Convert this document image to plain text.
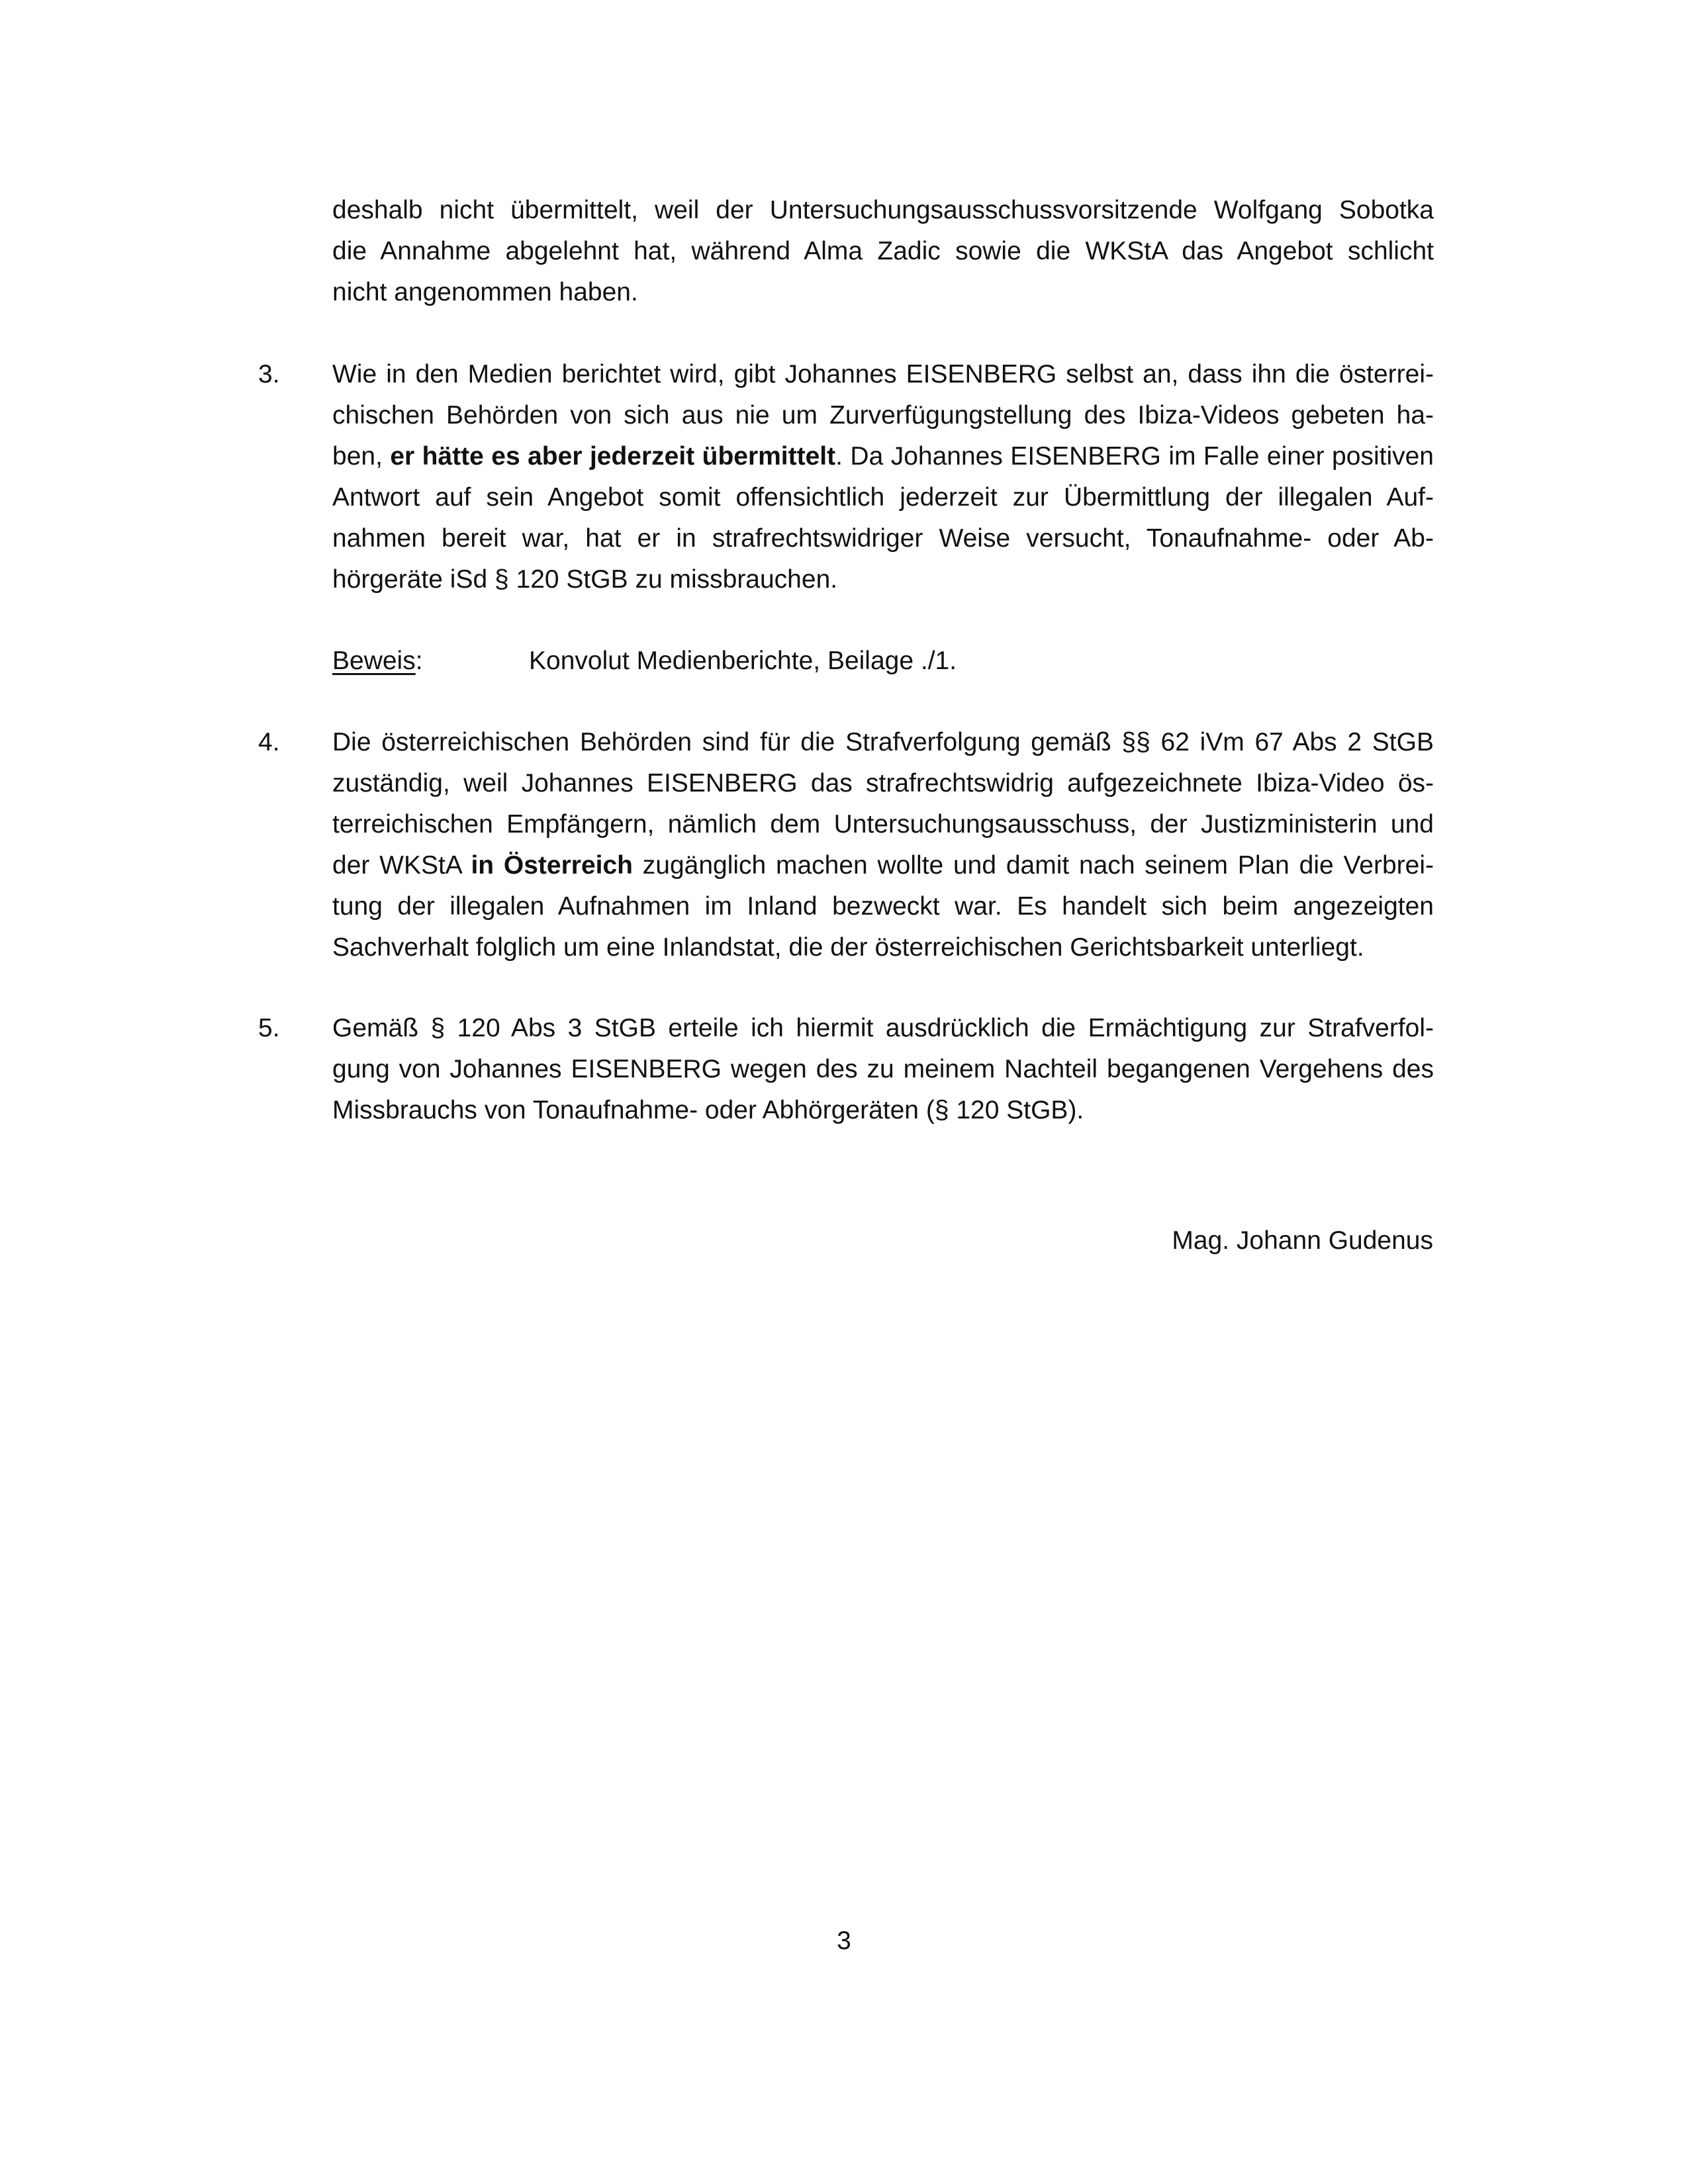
deshalb nicht übermittelt, weil der Untersuchungsausschussvorsitzende Wolfgang Sobotka
die Annahme abgelehnt hat, während Alma Zadic sowie die WKStA das Angebot schlicht
nicht angenommen haben.
3. Wie in den Medien berichtet wird, gibt Johannes EISENBERG selbst an, dass ihn die österrei-
chischen Behörden von sich aus nie um Zurverfügungstellung des Ibiza-Videos gebeten ha-
ben, er hätte es aber jederzeit übermittelt. Da Johannes EISENBERG im Falle einer positiven
Antwort auf sein Angebot somit offensichtlich jederzeit zur Übermittlung der illegalen Auf-
nahmen bereit war, hat er in strafrechtswidriger Weise versucht, Tonaufnahme- oder Ab-
hörgeräte iSd § 120 StGB zu missbrauchen.
Beweis:	Konvolut Medienberichte, Beilage ./1.
4. Die österreichischen Behörden sind für die Strafverfolgung gemäß §§ 62 iVm 67 Abs 2 StGB
zuständig, weil Johannes EISENBERG das strafrechtswidrig aufgezeichnete Ibiza-Video ös-
terreichischen Empfängern, nämlich dem Untersuchungsausschuss, der Justizministerin und
der WKStA in Österreich zugänglich machen wollte und damit nach seinem Plan die Verbrei-
tung der illegalen Aufnahmen im Inland bezweckt war. Es handelt sich beim angezeigten
Sachverhalt folglich um eine Inlandstat, die der österreichischen Gerichtsbarkeit unterliegt.
5. Gemäß § 120 Abs 3 StGB erteile ich hiermit ausdrücklich die Ermächtigung zur Strafverfol-
gung von Johannes EISENBERG wegen des zu meinem Nachteil begangenen Vergehens des
Missbrauchs von Tonaufnahme- oder Abhörgeräten (§ 120 StGB).
Mag. Johann Gudenus
3
